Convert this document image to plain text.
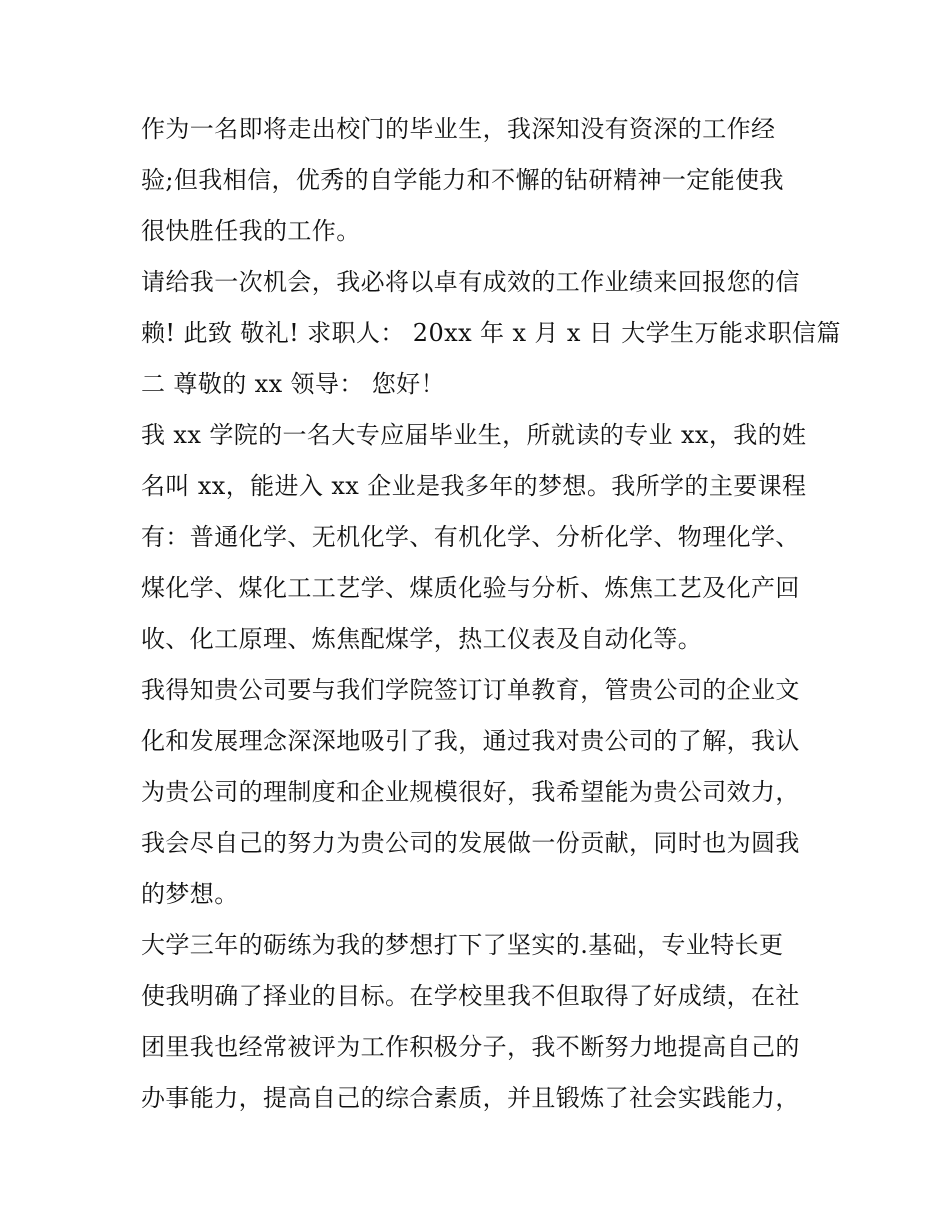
作为一名即将走出校门的毕业生，我深知没有资深的工作经
验;但我相信，优秀的自学能力和不懈的钻研精神一定能使我
很快胜任我的工作。
请给我一次机会，我必将以卓有成效的工作业绩来回报您的信
赖! 此致 敬礼! 求职人： 20xx 年 x 月 x 日 大学生万能求职信篇
二 尊敬的 xx 领导： 您好！
我 xx 学院的一名大专应届毕业生，所就读的专业 xx，我的姓
名叫 xx，能进入 xx 企业是我多年的梦想。我所学的主要课程
有：普通化学、无机化学、有机化学、分析化学、物理化学、
煤化学、煤化工工艺学、煤质化验与分析、炼焦工艺及化产回
收、化工原理、炼焦配煤学，热工仪表及自动化等。
我得知贵公司要与我们学院签订订单教育，管贵公司的企业文
化和发展理念深深地吸引了我，通过我对贵公司的了解，我认
为贵公司的理制度和企业规模很好，我希望能为贵公司效力，
我会尽自己的努力为贵公司的发展做一份贡献，同时也为圆我
的梦想。
大学三年的砺练为我的梦想打下了坚实的.基础，专业特长更
使我明确了择业的目标。在学校里我不但取得了好成绩，在社
团里我也经常被评为工作积极分子，我不断努力地提高自己的
办事能力，提高自己的综合素质，并且锻炼了社会实践能力，
